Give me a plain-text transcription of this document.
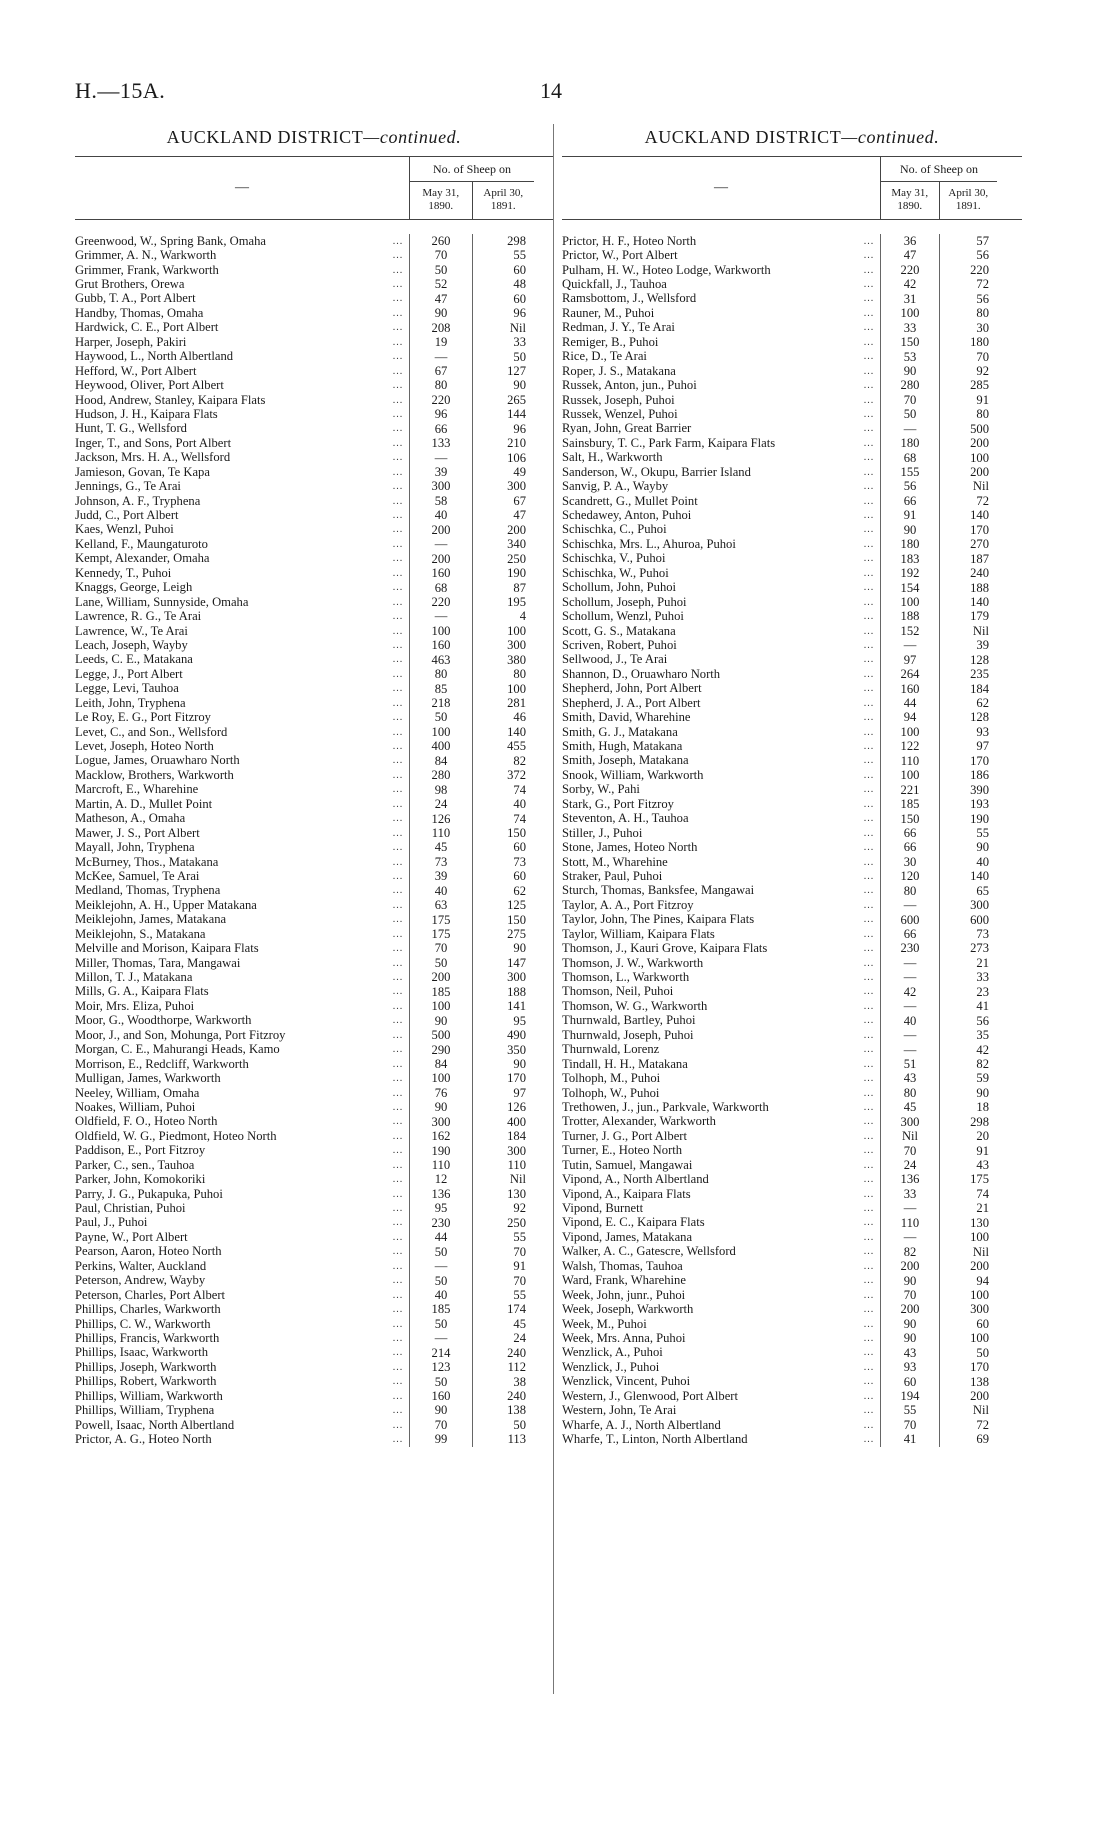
H.—15A.	14
AUCKLAND DISTRICT—continued.
—
No. of Sheep on
May 31, 1890.
April 30, 1891.
Greenwood, W., Spring Bank, Omaha	...	260	298
Grimmer, A. N., Warkworth	...	70	55
Grimmer, Frank, Warkworth	...	50	60
Grut Brothers, Orewa	...	52	48
Gubb, T. A., Port Albert	...	47	60
Handby, Thomas, Omaha	...	90	96
Hardwick, C. E., Port Albert	...	208	Nil
Harper, Joseph, Pakiri	...	19	33
Haywood, L., North Albertland	...	—	50
Hefford, W., Port Albert	...	67	127
Heywood, Oliver, Port Albert	...	80	90
Hood, Andrew, Stanley, Kaipara Flats	...	220	265
Hudson, J. H., Kaipara Flats	...	96	144
Hunt, T. G., Wellsford	...	66	96
Inger, T., and Sons, Port Albert	...	133	210
Jackson, Mrs. H. A., Wellsford	...	—	106
Jamieson, Govan, Te Kapa	...	39	49
Jennings, G., Te Arai	...	300	300
Johnson, A. F., Tryphena	...	58	67
Judd, C., Port Albert	...	40	47
Kaes, Wenzl, Puhoi	...	200	200
Kelland, F., Maungaturoto	...	—	340
Kempt, Alexander, Omaha	...	200	250
Kennedy, T., Puhoi	...	160	190
Knaggs, George, Leigh	...	68	87
Lane, William, Sunnyside, Omaha	...	220	195
Lawrence, R. G., Te Arai	...	—	4
Lawrence, W., Te Arai	...	100	100
Leach, Joseph, Wayby	...	160	300
Leeds, C. E., Matakana	...	463	380
Legge, J., Port Albert	...	80	80
Legge, Levi, Tauhoa	...	85	100
Leith, John, Tryphena	...	218	281
Le Roy, E. G., Port Fitzroy	...	50	46
Levet, C., and Son., Wellsford	...	100	140
Levet, Joseph, Hoteo North	...	400	455
Logue, James, Oruawharo North	...	84	82
Macklow, Brothers, Warkworth	...	280	372
Marcroft, E., Wharehine	...	98	74
Martin, A. D., Mullet Point	...	24	40
Matheson, A., Omaha	...	126	74
Mawer, J. S., Port Albert	...	110	150
Mayall, John, Tryphena	...	45	60
McBurney, Thos., Matakana	...	73	73
McKee, Samuel, Te Arai	...	39	60
Medland, Thomas, Tryphena	...	40	62
Meiklejohn, A. H., Upper Matakana	...	63	125
Meiklejohn, James, Matakana	...	175	150
Meiklejohn, S., Matakana	...	175	275
Melville and Morison, Kaipara Flats	...	70	90
Miller, Thomas, Tara, Mangawai	...	50	147
Millon, T. J., Matakana	...	200	300
Mills, G. A., Kaipara Flats	...	185	188
Moir, Mrs. Eliza, Puhoi	...	100	141
Moor, G., Woodthorpe, Warkworth	...	90	95
Moor, J., and Son, Mohunga, Port Fitzroy	...	500	490
Morgan, C. E., Mahurangi Heads, Kamo	...	290	350
Morrison, E., Redcliff, Warkworth	...	84	90
Mulligan, James, Warkworth	...	100	170
Neeley, William, Omaha	...	76	97
Noakes, William, Puhoi	...	90	126
Oldfield, F. O., Hoteo North	...	300	400
Oldfield, W. G., Piedmont, Hoteo North	...	162	184
Paddison, E., Port Fitzroy	...	190	300
Parker, C., sen., Tauhoa	...	110	110
Parker, John, Komokoriki	...	12	Nil
Parry, J. G., Pukapuka, Puhoi	...	136	130
Paul, Christian, Puhoi	...	95	92
Paul, J., Puhoi	...	230	250
Payne, W., Port Albert	...	44	55
Pearson, Aaron, Hoteo North	...	50	70
Perkins, Walter, Auckland	...	—	91
Peterson, Andrew, Wayby	...	50	70
Peterson, Charles, Port Albert	...	40	55
Phillips, Charles, Warkworth	...	185	174
Phillips, C. W., Warkworth	...	50	45
Phillips, Francis, Warkworth	...	—	24
Phillips, Isaac, Warkworth	...	214	240
Phillips, Joseph, Warkworth	...	123	112
Phillips, Robert, Warkworth	...	50	38
Phillips, William, Warkworth	...	160	240
Phillips, William, Tryphena	...	90	138
Powell, Isaac, North Albertland	...	70	50
Prictor, A. G., Hoteo North	...	99	113
AUCKLAND DISTRICT—continued.
—
No. of Sheep on
May 31, 1890.
April 30, 1891.
Prictor, H. F., Hoteo North	...	36	57
Prictor, W., Port Albert	...	47	56
Pulham, H. W., Hoteo Lodge, Warkworth	...	220	220
Quickfall, J., Tauhoa	...	42	72
Ramsbottom, J., Wellsford	...	31	56
Rauner, M., Puhoi	...	100	80
Redman, J. Y., Te Arai	...	33	30
Remiger, B., Puhoi	...	150	180
Rice, D., Te Arai	...	53	70
Roper, J. S., Matakana	...	90	92
Russek, Anton, jun., Puhoi	...	280	285
Russek, Joseph, Puhoi	...	70	91
Russek, Wenzel, Puhoi	...	50	80
Ryan, John, Great Barrier	...	—	500
Sainsbury, T. C., Park Farm, Kaipara Flats	...	180	200
Salt, H., Warkworth	...	68	100
Sanderson, W., Okupu, Barrier Island	...	155	200
Sanvig, P. A., Wayby	...	56	Nil
Scandrett, G., Mullet Point	...	66	72
Schedawey, Anton, Puhoi	...	91	140
Schischka, C., Puhoi	...	90	170
Schischka, Mrs. L., Ahuroa, Puhoi	...	180	270
Schischka, V., Puhoi	...	183	187
Schischka, W., Puhoi	...	192	240
Schollum, John, Puhoi	...	154	188
Schollum, Joseph, Puhoi	...	100	140
Schollum, Wenzl, Puhoi	...	188	179
Scott, G. S., Matakana	...	152	Nil
Scriven, Robert, Puhoi	...	—	39
Sellwood, J., Te Arai	...	97	128
Shannon, D., Oruawharo North	...	264	235
Shepherd, John, Port Albert	...	160	184
Shepherd, J. A., Port Albert	...	44	62
Smith, David, Wharehine	...	94	128
Smith, G. J., Matakana	...	100	93
Smith, Hugh, Matakana	...	122	97
Smith, Joseph, Matakana	...	110	170
Snook, William, Warkworth	...	100	186
Sorby, W., Pahi	...	221	390
Stark, G., Port Fitzroy	...	185	193
Steventon, A. H., Tauhoa	...	150	190
Stiller, J., Puhoi	...	66	55
Stone, James, Hoteo North	...	66	90
Stott, M., Wharehine	...	30	40
Straker, Paul, Puhoi	...	120	140
Sturch, Thomas, Banksfee, Mangawai	...	80	65
Taylor, A. A., Port Fitzroy	...	—	300
Taylor, John, The Pines, Kaipara Flats	...	600	600
Taylor, William, Kaipara Flats	...	66	73
Thomson, J., Kauri Grove, Kaipara Flats	...	230	273
Thomson, J. W., Warkworth	...	—	21
Thomson, L., Warkworth	...	—	33
Thomson, Neil, Puhoi	...	42	23
Thomson, W. G., Warkworth	...	—	41
Thurnwald, Bartley, Puhoi	...	40	56
Thurnwald, Joseph, Puhoi	...	—	35
Thurnwald, Lorenz	...	—	42
Tindall, H. H., Matakana	...	51	82
Tolhoph, M., Puhoi	...	43	59
Tolhoph, W., Puhoi	...	80	90
Trethowen, J., jun., Parkvale, Warkworth	...	45	18
Trotter, Alexander, Warkworth	...	300	298
Turner, J. G., Port Albert	...	Nil	20
Turner, E., Hoteo North	...	70	91
Tutin, Samuel, Mangawai	...	24	43
Vipond, A., North Albertland	...	136	175
Vipond, A., Kaipara Flats	...	33	74
Vipond, Burnett	...	—	21
Vipond, E. C., Kaipara Flats	...	110	130
Vipond, James, Matakana	...	—	100
Walker, A. C., Gatescre, Wellsford	...	82	Nil
Walsh, Thomas, Tauhoa	...	200	200
Ward, Frank, Wharehine	...	90	94
Week, John, junr., Puhoi	...	70	100
Week, Joseph, Warkworth	...	200	300
Week, M., Puhoi	...	90	60
Week, Mrs. Anna, Puhoi	...	90	100
Wenzlick, A., Puhoi	...	43	50
Wenzlick, J., Puhoi	...	93	170
Wenzlick, Vincent, Puhoi	...	60	138
Western, J., Glenwood, Port Albert	...	194	200
Western, John, Te Arai	...	55	Nil
Wharfe, A. J., North Albertland	...	70	72
Wharfe, T., Linton, North Albertland	...	41	69
